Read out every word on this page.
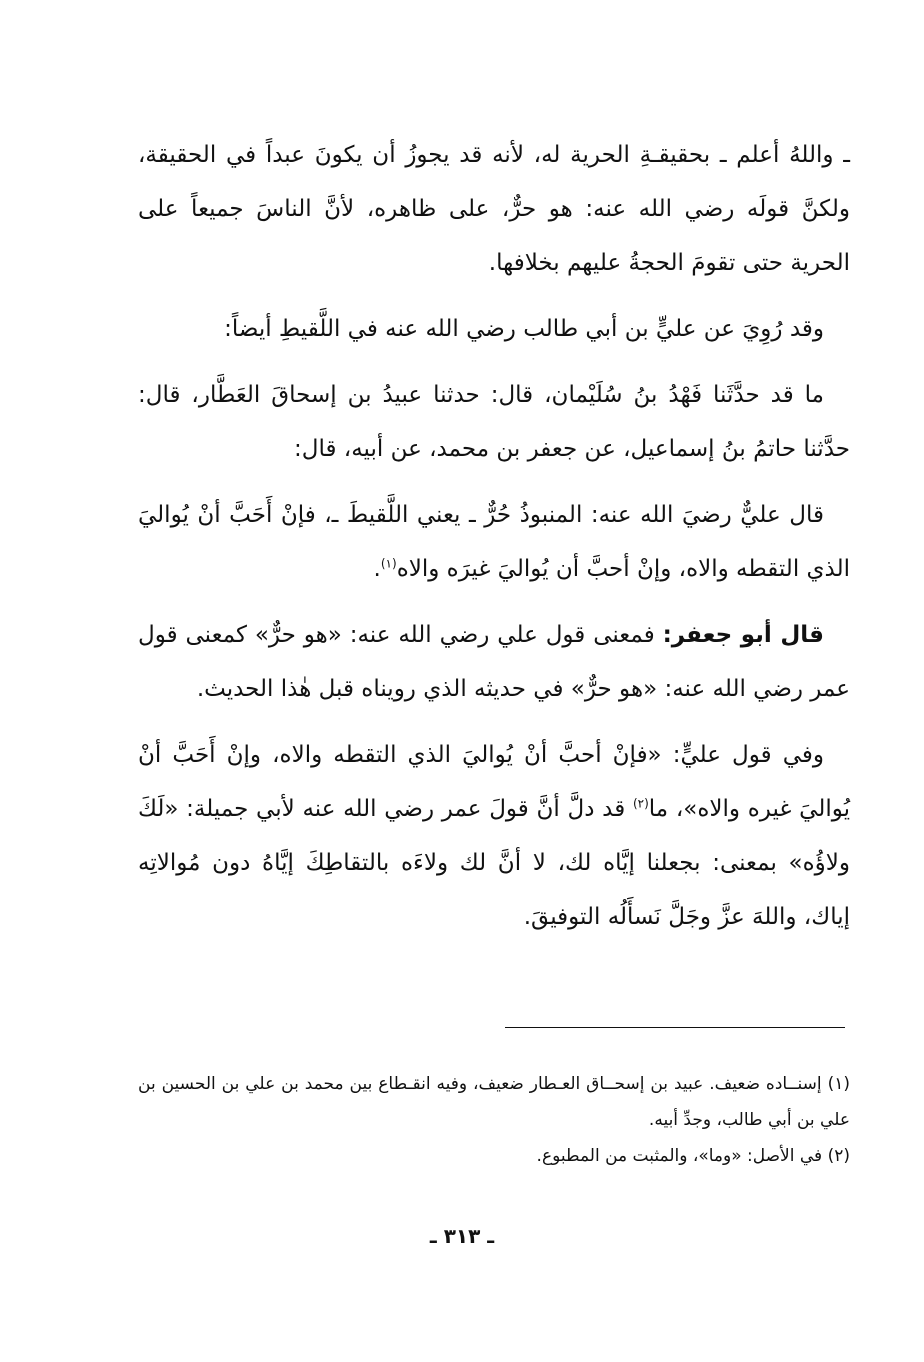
ـ واللهُ أعلم ـ بحقيقـةِ الحرية له، لأنه قد يجوزُ أن يكونَ عبداً في الحقيقة، ولكنَّ قولَه رضي الله عنه: هو حرٌّ، على ظاهره، لأنَّ الناسَ جميعاً على الحرية حتى تقومَ الحجةُ عليهم بخلافها.

وقد رُوِيَ عن عليٍّ بن أبي طالب رضي الله عنه في اللَّقيطِ أيضاً:

ما قد حدَّثَنا فَهْدُ بنُ سُلَيْمان، قال: حدثنا عبيدُ بن إسحاقَ العَطَّار، قال: حدَّثنا حاتمُ بنُ إسماعيل، عن جعفر بن محمد، عن أبيه، قال:

قال عليٌّ رضيَ الله عنه: المنبوذُ حُرٌّ ـ يعني اللَّقيطَ ـ، فإنْ أَحَبَّ أنْ يُواليَ الذي التقطه والاه، وإنْ أحبَّ أن يُواليَ غيرَه والاه$^{(١)}$.

قال أبو جعفر: فمعنى قول علي رضي الله عنه: «هو حرٌّ» كمعنى قول عمر رضي الله عنه: «هو حرٌّ» في حديثه الذي رويناه قبل هٰذا الحديث.

وفي قول عليٍّ: «فإنْ أحبَّ أنْ يُواليَ الذي التقطه والاه، وإنْ أَحَبَّ أنْ يُواليَ غيره والاه»، ما$^{(٢)}$ قد دلَّ أنَّ قولَ عمر رضي الله عنه لأبي جميلة: «لَكَ ولاؤُه» بمعنى: بجعلنا إيَّاه لك، لا أنَّ لك ولاءَه بالتقاطِكَ إيَّاهُ دون مُوالاتِه إياك، واللهَ عزَّ وجَلَّ نَسأَلُه التوفيقَ.

(١) إسنــاده ضعيف. عبيد بن إسحــاق العـطار ضعيف، وفيه انقـطاع بين محمد بن علي بن الحسين بن علي بن أبي طالب، وجدِّ أبيه.

(٢) في الأصل: «وما»، والمثبت من المطبوع.

ـ ٣١٣ ـ
